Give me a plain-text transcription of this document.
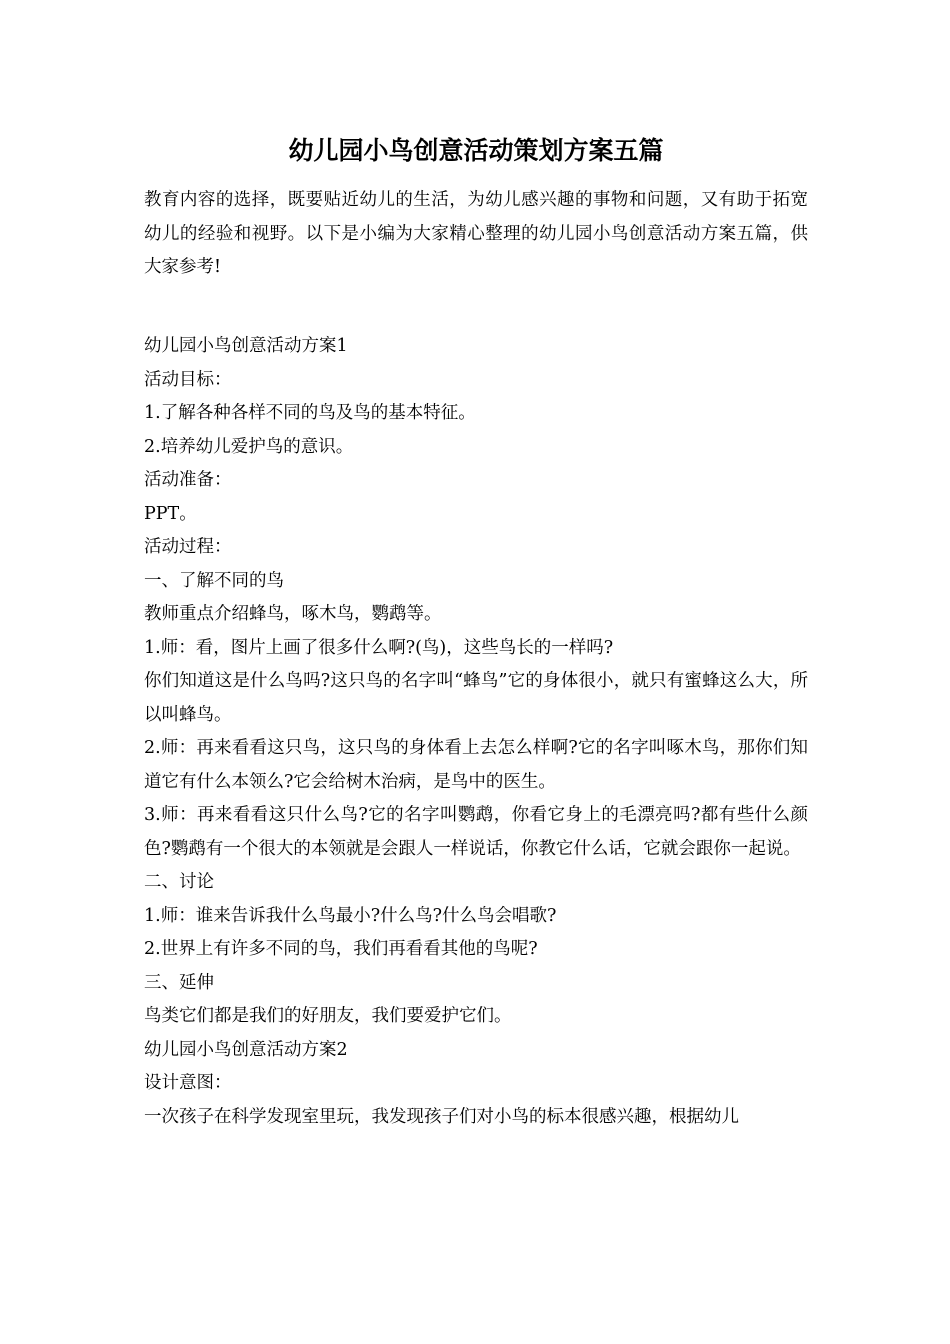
幼儿园小鸟创意活动策划方案五篇

教育内容的选择，既要贴近幼儿的生活，为幼儿感兴趣的事物和问题，又有助于拓宽幼儿的经验和视野。以下是小编为大家精心整理的幼儿园小鸟创意活动方案五篇，供大家参考!

幼儿园小鸟创意活动方案1

活动目标：

1.了解各种各样不同的鸟及鸟的基本特征。

2.培养幼儿爱护鸟的意识。

活动准备：

PPT。

活动过程：

一、了解不同的鸟

教师重点介绍蜂鸟，啄木鸟，鹦鹉等。

1.师：看，图片上画了很多什么啊?(鸟)，这些鸟长的一样吗?

你们知道这是什么鸟吗?这只鸟的名字叫“蜂鸟”它的身体很小，就只有蜜蜂这么大，所以叫蜂鸟。

2.师：再来看看这只鸟，这只鸟的身体看上去怎么样啊?它的名字叫啄木鸟，那你们知道它有什么本领么?它会给树木治病，是鸟中的医生。

3.师：再来看看这只什么鸟?它的名字叫鹦鹉，你看它身上的毛漂亮吗?都有些什么颜色?鹦鹉有一个很大的本领就是会跟人一样说话，你教它什么话，它就会跟你一起说。

二、讨论

1.师：谁来告诉我什么鸟最小?什么鸟?什么鸟会唱歌?

2.世界上有许多不同的鸟，我们再看看其他的鸟呢?

三、延伸

鸟类它们都是我们的好朋友，我们要爱护它们。

幼儿园小鸟创意活动方案2

设计意图：

一次孩子在科学发现室里玩，我发现孩子们对小鸟的标本很感兴趣，根据幼儿
